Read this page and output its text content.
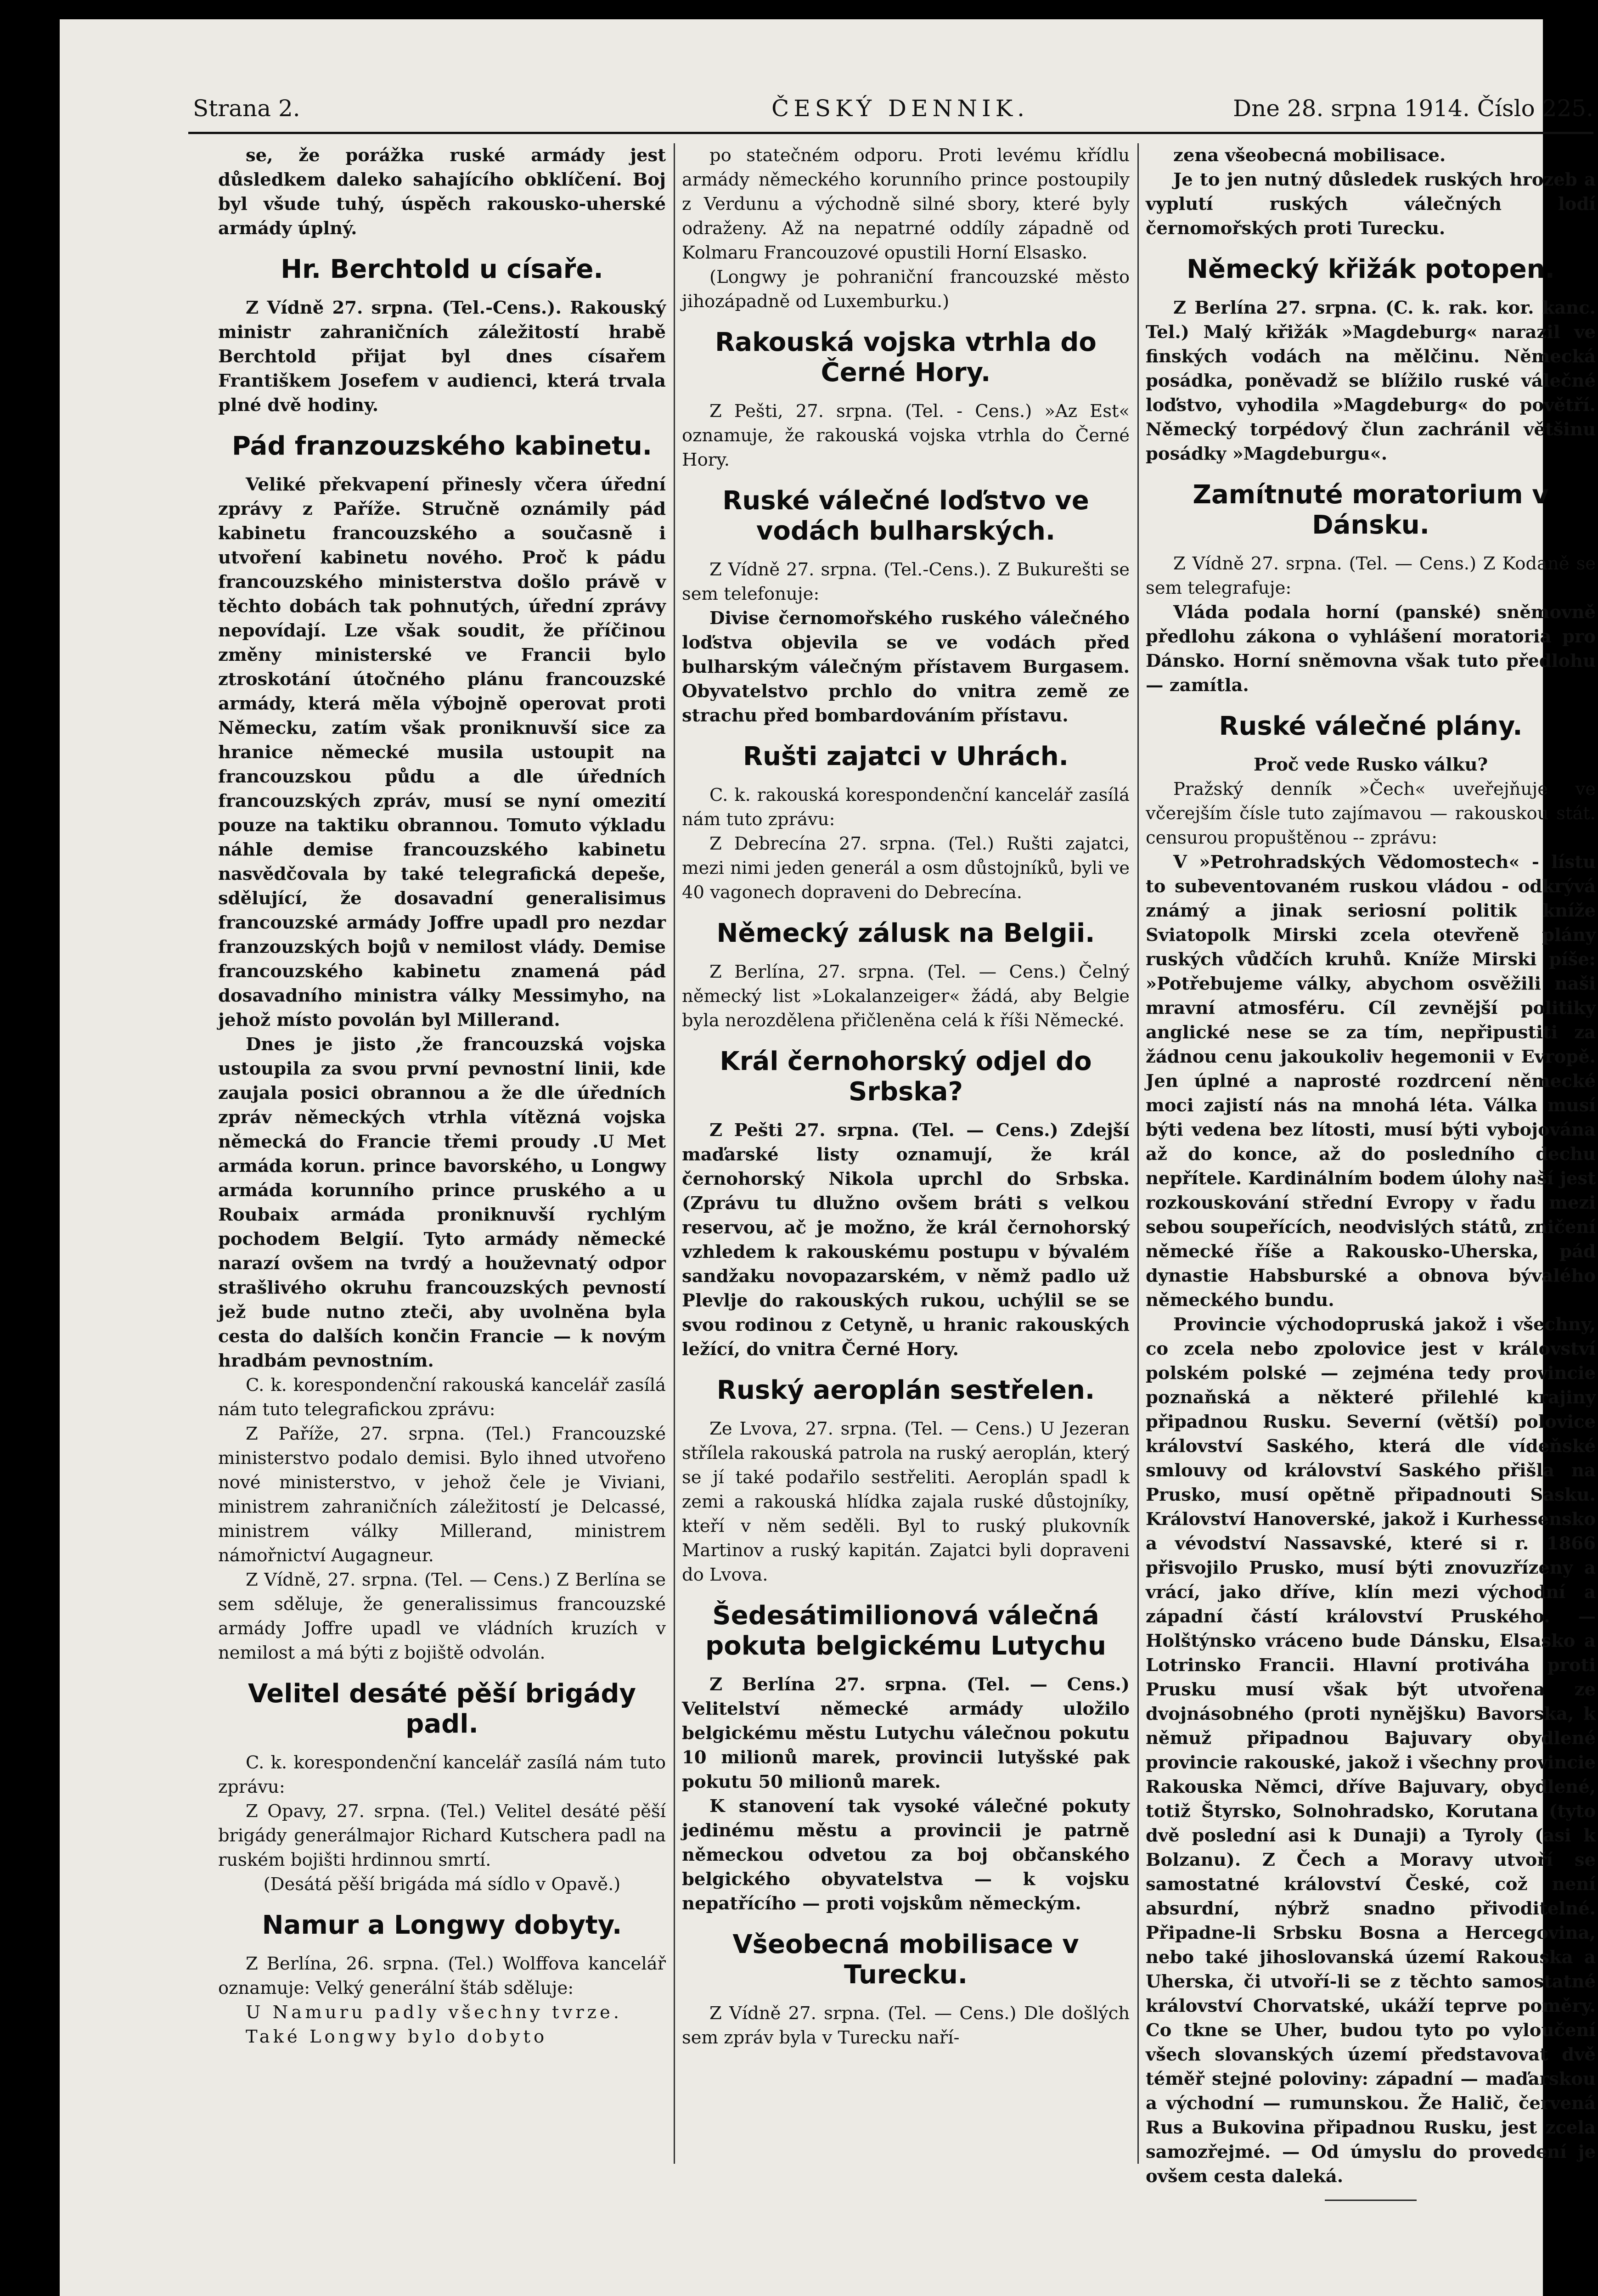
Strana 2.	ČESKÝ DENNIK.	Dne 28. srpna 1914. Číslo 225.

se, že porážka ruské armády jest důsledkem daleko sahajícího obklíčení. Boj byl všude tuhý, úspěch rakousko-uherské armády úplný.

Hr. Berchtold u císaře.

Z Vídně 27. srpna. (Tel.-Cens.). Rakouský ministr zahraničních záležitostí hrabě Berchtold přijat byl dnes císařem Františkem Josefem v audienci, která trvala plné dvě hodiny.

Pád franzouzského kabinetu.

Veliké překvapení přinesly včera úřední zprávy z Paříže. Stručně oznámily pád kabinetu francouzského a současně i utvoření kabinetu nového. Proč k pádu francouzského ministerstva došlo právě v těchto dobách tak pohnutých, úřední zprávy nepovídají. Lze však soudit, že příčinou změny ministerské ve Francii bylo ztroskotání útočného plánu francouzské armády, která měla výbojně operovat proti Německu, zatím však proniknuvší sice za hranice německé musila ustoupit na francouzskou půdu a dle úředních francouzských zpráv, musí se nyní omezití pouze na taktiku obrannou. Tomuto výkladu náhle demise francouzského kabinetu nasvědčovala by také telegrafická depeše, sdělující, že dosavadní generalisimus francouzské armády Joffre upadl pro nezdar franzouzských bojů v nemilost vlády. Demise francouzského kabinetu znamená pád dosavadního ministra války Messimyho, na jehož místo povolán byl Millerand.

Dnes je jisto ,že francouzská vojska ustoupila za svou první pevnostní linii, kde zaujala posici obrannou a že dle úředních zpráv německých vtrhla vítězná vojska německá do Francie třemi proudy .U Met armáda korun. prince bavorského, u Longwy armáda korunního prince pruského a u Roubaix armáda proniknuvší rychlým pochodem Belgií. Tyto armády německé narazí ovšem na tvrdý a houževnatý odpor strašlivého okruhu francouzských pevností jež bude nutno zteči, aby uvolněna byla cesta do dalších končin Francie — k novým hradbám pevnostním.

C. k. korespondenční rakouská kancelář zasílá nám tuto telegrafickou zprávu:

Z Paříže, 27. srpna. (Tel.) Francouzské ministerstvo podalo demisi. Bylo ihned utvořeno nové ministerstvo, v jehož čele je Viviani, ministrem zahraničních záležitostí je Delcassé, ministrem války Millerand, ministrem námořnictví Augagneur.

Z Vídně, 27. srpna. (Tel. — Cens.) Z Berlína se sem sděluje, že generalissimus francouzské armády Joffre upadl ve vládních kruzích v nemilost a má býti z bojiště odvolán.

Velitel desáté pěší brigády padl.

C. k. korespondenční kancelář zasílá nám tuto zprávu:

Z Opavy, 27. srpna. (Tel.) Velitel desáté pěší brigády generálmajor Richard Kutschera padl na ruském bojišti hrdinnou smrtí.

(Desátá pěší brigáda má sídlo v Opavě.)

Namur a Longwy dobyty.

Z Berlína, 26. srpna. (Tel.) Wolffova kancelář oznamuje: Velký generální štáb sděluje:

U Namuru padly všechny tvrze.

Také Longwy bylo dobyto

po statečném odporu. Proti levému křídlu armády německého korunního prince postoupily z Verdunu a východně silné sbory, které byly odraženy. Až na nepatrné oddíly západně od Kolmaru Francouzové opustili Horní Elsasko.

(Longwy je pohraniční francouzské město jihozápadně od Luxemburku.)

Rakouská vojska vtrhla do Černé Hory.

Z Pešti, 27. srpna. (Tel. - Cens.) »Az Est« oznamuje, že rakouská vojska vtrhla do Černé Hory.

Ruské válečné loďstvo ve vodách bulharských.

Z Vídně 27. srpna. (Tel.-Cens.). Z Bukurešti se sem telefonuje:

Divise černomořského ruského válečného loďstva objevila se ve vodách před bulharským válečným přístavem Burgasem. Obyvatelstvo prchlo do vnitra země ze strachu před bombardováním přístavu.

Rušti zajatci v Uhrách.

C. k. rakouská korespondenční kancelář zasílá nám tuto zprávu:

Z Debrecína 27. srpna. (Tel.) Rušti zajatci, mezi nimi jeden generál a osm důstojníků, byli ve 40 vagonech dopraveni do Debrecína.

Německý zálusk na Belgii.

Z Berlína, 27. srpna. (Tel. — Cens.) Čelný německý list »Lokalanzeiger« žádá, aby Belgie byla nerozdělena přičleněna celá k říši Německé.

Král černohorský odjel do Srbska?

Z Pešti 27. srpna. (Tel. — Cens.) Zdejší maďarské listy oznamují, že král černohorský Nikola uprchl do Srbska. (Zprávu tu dlužno ovšem bráti s velkou reservou, ač je možno, že král černohorský vzhledem k rakouskému postupu v bývalém sandžaku novopazarském, v němž padlo už Plevlje do rakouských rukou, uchýlil se se svou rodinou z Cetyně, u hranic rakouských ležící, do vnitra Černé Hory.

Ruský aeroplán sestřelen.

Ze Lvova, 27. srpna. (Tel. — Cens.) U Jezeran střílela rakouská patrola na ruský aeroplán, který se jí také podařilo sestřeliti. Aeroplán spadl k zemi a rakouská hlídka zajala ruské důstojníky, kteří v něm seděli. Byl to ruský plukovník Martinov a ruský kapitán. Zajatci byli dopraveni do Lvova.

Šedesátimilionová válečná pokuta belgickému Lutychu

Z Berlína 27. srpna. (Tel. — Cens.) Velitelství německé armády uložilo belgickému městu Lutychu válečnou pokutu 10 milionů marek, provincii lutyšské pak pokutu 50 milionů marek.

K stanovení tak vysoké válečné pokuty jedinému městu a provincii je patrně německou odvetou za boj občanského belgického obyvatelstva — k vojsku nepatřícího — proti vojskům německým.

Všeobecná mobilisace v Turecku.

Z Vídně 27. srpna. (Tel. — Cens.) Dle došlých sem zpráv byla v Turecku naří-

zena všeobecná mobilisace.

Je to jen nutný důsledek ruských hrozeb a vyplutí ruských válečných lodí černomořských proti Turecku.

Německý křižák potopen.

Z Berlína 27. srpna. (C. k. rak. kor. kanc. Tel.) Malý křižák »Magdeburg« narazil ve finských vodách na mělčinu. Německá posádka, poněvadž se blížilo ruské válečné loďstvo, vyhodila »Magdeburg« do povětří. Německý torpédový člun zachránil většinu posádky »Magdeburgu«.

Zamítnuté moratorium v Dánsku.

Z Vídně 27. srpna. (Tel. — Cens.) Z Kodaně se sem telegrafuje:

Vláda podala horní (panské) sněmovně předlohu zákona o vyhlášení moratoria pro Dánsko. Horní sněmovna však tuto předlohu — zamítla.

Ruské válečné plány.

Proč vede Rusko válku?

Pražský denník »Čech« uveřejňuje ve včerejším čísle tuto zajímavou — rakouskou stát. censurou propuštěnou -- zprávu:

V »Petrohradských Vědomostech« - lístu to subeventovaném ruskou vládou - odkrývá známý a jinak seriosní politik kníže Sviatopolk Mirski zcela otevřeně plány ruských vůdčích kruhů. Kníže Mirski píše: »Potřebujeme války, abychom osvěžili naši mravní atmosféru. Cíl zevnější politiky anglické nese se za tím, nepřipustiti za žádnou cenu jakoukoliv hegemonii v Evropě. Jen úplné a naprosté rozdrcení německé moci zajistí nás na mnohá léta. Válka musí býti vedena bez lítosti, musí býti vybojována až do konce, až do posledního dechu nepřítele. Kardinálním bodem úlohy naší jest rozkouskování střední Evropy v řadu mezi sebou soupeřících, neodvislých států, zničení německé říše a Rakousko-Uherska, pád dynastie Habsburské a obnova bývalého německého bundu.

Provincie východopruská jakož i všechny, co zcela nebo zpolovice jest v království polském polské — zejména tedy provincie poznaňská a některé přilehlé krajiny připadnou Rusku. Severní (větší) polovice království Saského, která dle vídeňské smlouvy od království Saského přišla na Prusko, musí opětně připadnouti Sasku. Království Hanoverské, jakož i Kurhessensko a vévodství Nassavské, které si r. 1866 přisvojilo Prusko, musí býti znovuzřízeny a vrácí, jako dříve, klín mezi východní a západní částí království Pruského. — Holštýnsko vráceno bude Dánsku, Elsasko a Lotrinsko Francii. Hlavní protiváha proti Prusku musí však být utvořena ze dvojnásobného (proti nynějšku) Bavorska, k němuž připadnou Bajuvary obydlené provincie rakouské, jakož i všechny provincie Rakouska Němci, dříve Bajuvary, obydlené, totiž Štyrsko, Solnohradsko, Korutana (tyto dvě poslední asi k Dunaji) a Tyroly (asi k Bolzanu). Z Čech a Moravy utvoří se samostatné království České, což není absurdní, nýbrž snadno přivoditelné. Připadne-li Srbsku Bosna a Hercegovina, nebo také jihoslovanská území Rakouska a Uherska, či utvoří-li se z těchto samostatné království Chorvatské, ukáží teprve poměry. Co tkne se Uher, budou tyto po vyloučení všech slovanských území představovat dvě téměř stejné poloviny: západní — maďarskou a východní — rumunskou. Že Halič, červená Rus a Bukovina připadnou Rusku, jest zcela samozřejmé. — Od úmyslu do provedení je ovšem cesta daleká.
